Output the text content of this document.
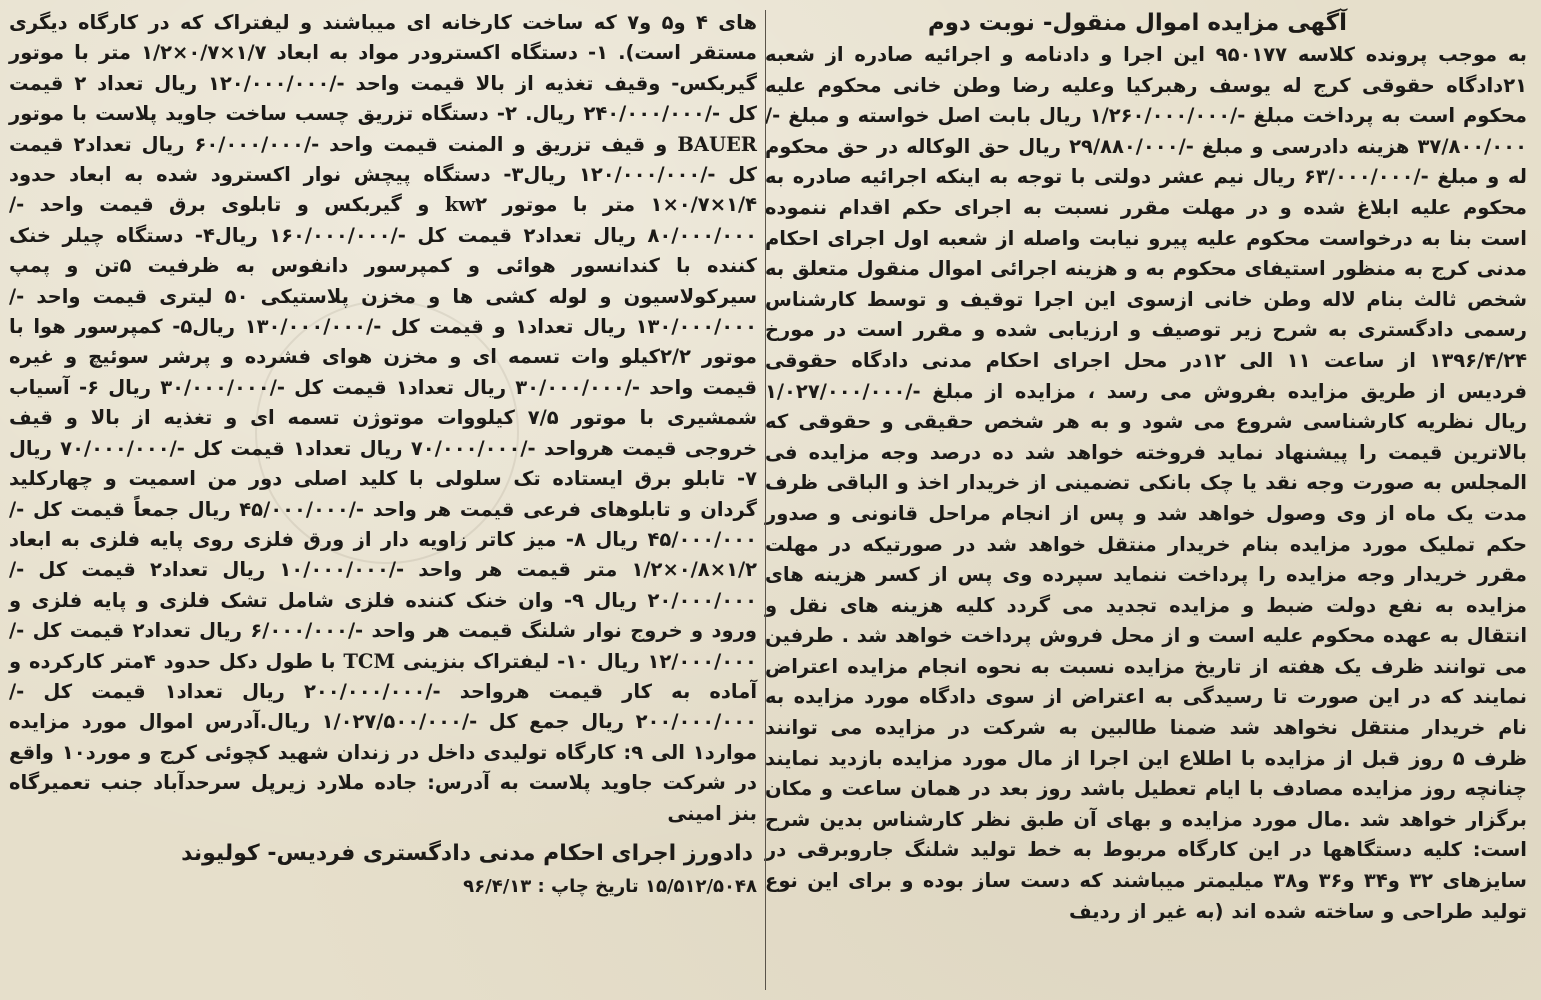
آگهی مزایده اموال منقول- نوبت دوم

به موجب پرونده کلاسه ۹۵۰۱۷۷ این اجرا و دادنامه و اجرائیه صادره از شعبه ۲۱دادگاه حقوقی کرج له یوسف رهبرکیا وعلیه رضا وطن خانی محکوم علیه محکوم است به پرداخت مبلغ -/۱/۲۶۰/۰۰۰/۰۰۰ ریال بابت اصل خواسته و مبلغ -/۳۷/۸۰۰/۰۰۰ هزینه دادرسی و مبلغ -/۲۹/۸۸۰/۰۰۰ ریال حق الوکاله در حق محکوم له و مبلغ -/۶۳/۰۰۰/۰۰۰ ریال نیم عشر دولتی با توجه به اینکه اجرائیه صادره به محکوم علیه ابلاغ شده و در مهلت مقرر نسبت به اجرای حکم اقدام ننموده است بنا به درخواست محکوم علیه پیرو نیابت واصله از شعبه اول اجرای احکام مدنی کرج به منظور استیفای محکوم به و هزینه اجرائی اموال منقول متعلق به شخص ثالث بنام لاله وطن خانی ازسوی این اجرا توقیف و توسط کارشناس رسمی دادگستری به شرح زیر توصیف و ارزیابی شده و مقرر است در مورخ ۱۳۹۶/۴/۲۴ از ساعت ۱۱ الی ۱۲در محل اجرای احکام مدنی دادگاه حقوقی فردیس از طریق مزایده بفروش می رسد ، مزایده از مبلغ -/۱/۰۲۷/۰۰۰/۰۰۰ ریال نظریه کارشناسی شروع می شود و به هر شخص حقیقی و حقوقی که بالاترین قیمت را پیشنهاد نماید فروخته خواهد شد ده درصد وجه مزایده فی المجلس به صورت وجه نقد یا چک بانکی تضمینی از خریدار اخذ و الباقی ظرف مدت یک ماه از وی وصول خواهد شد و پس از انجام مراحل قانونی و صدور حکم تملیک مورد مزایده بنام خریدار منتقل خواهد شد در صورتیکه در مهلت مقرر خریدار وجه مزایده را پرداخت ننماید سپرده وی پس از کسر هزینه های مزایده به نفع دولت ضبط و مزایده تجدید می گردد کلیه هزینه های نقل و انتقال به عهده محکوم علیه است و از محل فروش پرداخت خواهد شد . طرفین می توانند ظرف یک هفته از تاریخ مزایده نسبت به نحوه انجام مزایده اعتراض نمایند که در این صورت تا رسیدگی به اعتراض از سوی دادگاه مورد مزایده به نام خریدار منتقل نخواهد شد ضمنا طالبین به شرکت در مزایده می توانند ظرف ۵ روز قبل از مزایده با اطلاع این اجرا از مال مورد مزایده بازدید نمایند چنانچه روز مزایده مصادف با ایام تعطیل باشد روز بعد در همان ساعت و مکان برگزار خواهد شد .مال مورد مزایده و بهای آن طبق نظر کارشناس بدین شرح است: کلیه دستگاهها در این کارگاه مربوط به خط تولید شلنگ جاروبرقی در سایزهای ۳۲ و۳۴ و۳۶ و۳۸ میلیمتر میباشند که دست ساز بوده و برای این نوع تولید طراحی و ساخته شده اند (به غیر از ردیف

های ۴ و۵ و۷ که ساخت کارخانه ای میباشند و لیفتراک که در کارگاه دیگری مستقر است). ۱- دستگاه اکسترودر مواد به ابعاد ۱/۷×۰/۷×۱/۲ متر با موتور گیربکس- وقیف تغذیه از بالا قیمت واحد -/۱۲۰/۰۰۰/۰۰۰ ریال تعداد ۲ قیمت کل -/۲۴۰/۰۰۰/۰۰۰ ریال. ۲- دستگاه تزریق چسب ساخت جاوید پلاست با موتور BAUER و قیف تزریق و المنت قیمت واحد -/۶۰/۰۰۰/۰۰۰ ریال تعداد۲ قیمت کل -/۱۲۰/۰۰۰/۰۰۰ ریال۳- دستگاه پیچش نوار اکسترود شده به ابعاد حدود ۱/۴×۰/۷×۱ متر با موتور kw۲ و گیربکس و تابلوی برق قیمت واحد -/۸۰/۰۰۰/۰۰۰ ریال تعداد۲ قیمت کل -/۱۶۰/۰۰۰/۰۰۰ ریال۴- دستگاه چیلر خنک کننده با کندانسور هوائی و کمپرسور دانفوس به ظرفیت ۵تن و پمپ سیرکولاسیون و لوله کشی ها و مخزن پلاستیکی ۵۰ لیتری قیمت واحد -/۱۳۰/۰۰۰/۰۰۰ ریال تعداد۱ و قیمت کل -/۱۳۰/۰۰۰/۰۰۰ ریال۵- کمپرسور هوا با موتور ۲/۲کیلو وات تسمه ای و مخزن هوای فشرده و پرشر سوئیچ و غیره قیمت واحد -/۳۰/۰۰۰/۰۰۰ ریال تعداد۱ قیمت کل -/۳۰/۰۰۰/۰۰۰ ریال ۶- آسیاب شمشیری با موتور ۷/۵ کیلووات موتوژن تسمه ای و تغذیه از بالا و قیف خروجی قیمت هرواحد -/۷۰/۰۰۰/۰۰۰ ریال تعداد۱ قیمت کل -/۷۰/۰۰۰/۰۰۰ ریال ۷- تابلو برق ایستاده تک سلولی با کلید اصلی دور من اسمیت و چهارکلید گردان و تابلوهای فرعی قیمت هر واحد -/۴۵/۰۰۰/۰۰۰ ریال جمعاً قیمت کل -/۴۵/۰۰۰/۰۰۰ ریال ۸- میز کاتر زاویه دار از ورق فلزی روی پایه فلزی به ابعاد ۱/۲×۰/۸×۱/۲ متر قیمت هر واحد -/۱۰/۰۰۰/۰۰۰ ریال تعداد۲ قیمت کل -/۲۰/۰۰۰/۰۰۰ ریال ۹- وان خنک کننده فلزی شامل تشک فلزی و پایه فلزی و ورود و خروج نوار شلنگ قیمت هر واحد -/۶/۰۰۰/۰۰۰ ریال تعداد۲ قیمت کل -/۱۲/۰۰۰/۰۰۰ ریال ۱۰- لیفتراک بنزینی TCM با طول دکل حدود ۴متر کارکرده و آماده به کار قیمت هرواحد -/۲۰۰/۰۰۰/۰۰۰ ریال تعداد۱ قیمت کل -/۲۰۰/۰۰۰/۰۰۰ ریال جمع کل -/۱/۰۲۷/۵۰۰/۰۰۰ ریال.آدرس اموال مورد مزایده موارد۱ الی ۹: کارگاه تولیدی داخل در زندان شهید کچوئی کرج و مورد۱۰ واقع در شرکت جاوید پلاست به آدرس: جاده ملارد زیرپل سرحدآباد جنب تعمیرگاه بنز امینی

دادورز اجرای احکام مدنی دادگستری فردیس- کولیوند
۱۵/۵۱۲/۵۰۴۸ تاریخ چاپ : ۹۶/۴/۱۳
